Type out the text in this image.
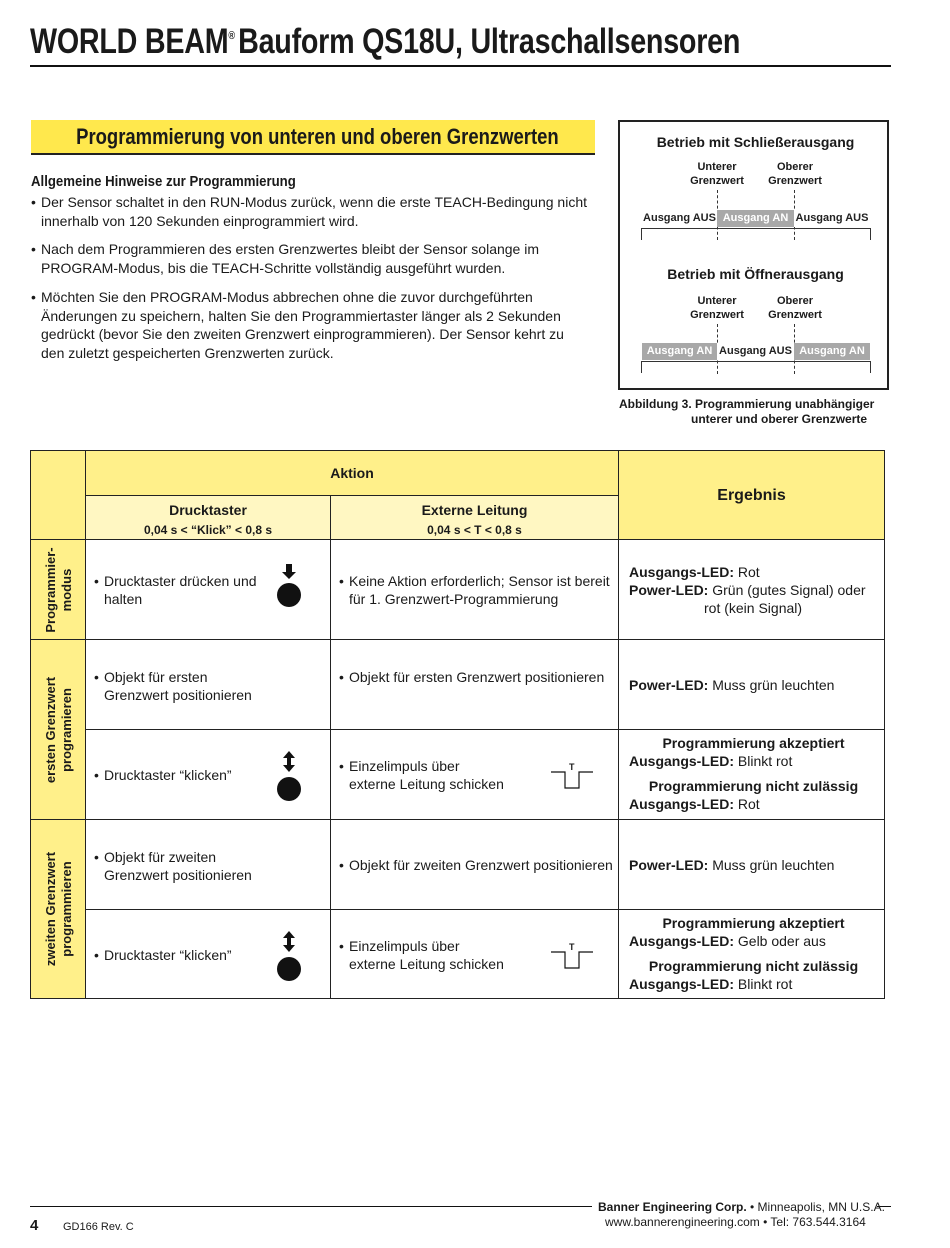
WORLD BEAM®Bauform QS18U, Ultraschallsensoren
Programmierung von unteren und oberen Grenzwerten
Allgemeine Hinweise zur Programmierung
• Der Sensor schaltet in den RUN-Modus zurück, wenn die erste TEACH-Bedingung nicht innerhalb von 120 Sekunden einprogrammiert wird.
• Nach dem Programmieren des ersten Grenzwertes bleibt der Sensor solange im PROGRAM-Modus, bis die TEACH-Schritte vollständig ausgeführt wurden.
• Möchten Sie den PROGRAM-Modus abbrechen ohne die zuvor durchgeführten Änderungen zu speichern, halten Sie den Programmiertaster länger als 2 Sekunden gedrückt (bevor Sie den zweiten Grenzwert einprogrammieren). Der Sensor kehrt zu den zuletzt gespeicherten Grenzwerten zurück.
Betrieb mit Schließerausgang
Unterer
Grenzwert
Oberer
Grenzwert
Ausgang AUS Ausgang AN Ausgang AUS
Betrieb mit Öffnerausgang
Unterer
Grenzwert
Oberer
Grenzwert
Ausgang AN Ausgang AUS Ausgang AN
Abbildung 3. Programmierung unabhängiger
unterer und oberer Grenzwerte
Aktion
Drucktaster
0,04 s < “Klick” < 0,8 s
Externe Leitung
0,04 s < T < 0,8 s
Ergebnis
Programmier-
modus
ersten Grenzwert
programieren
zweiten Grenzwert
programmieren
• Drucktaster drücken und
halten
• Keine Aktion erforderlich; Sensor ist bereit
für 1. Grenzwert-Programmierung
Ausgangs-LED: Rot
Power-LED: Grün (gutes Signal) oder
rot (kein Signal)
• Objekt für ersten
Grenzwert positionieren
• Objekt für ersten Grenzwert positionieren	Power-LED: Muss grün leuchten
• Drucktaster “klicken”
• Einzelimpuls über
externe Leitung schicken
T
Programmierung akzeptiert
Ausgangs-LED: Blinkt rot
Programmierung nicht zulässig
Ausgangs-LED: Rot
• Objekt für zweiten
Grenzwert positionieren
• Objekt für zweiten Grenzwert positionieren Power-LED: Muss grün leuchten
• Drucktaster “klicken”
• Einzelimpuls über
externe Leitung schicken
T
Programmierung akzeptiert
Ausgangs-LED: Gelb oder aus
Programmierung nicht zulässig
Ausgangs-LED: Blinkt rot
4 GD166 Rev. C
Banner Engineering Corp. • Minneapolis, MN U.S.A.
www.bannerengineering.com • Tel: 763.544.3164
